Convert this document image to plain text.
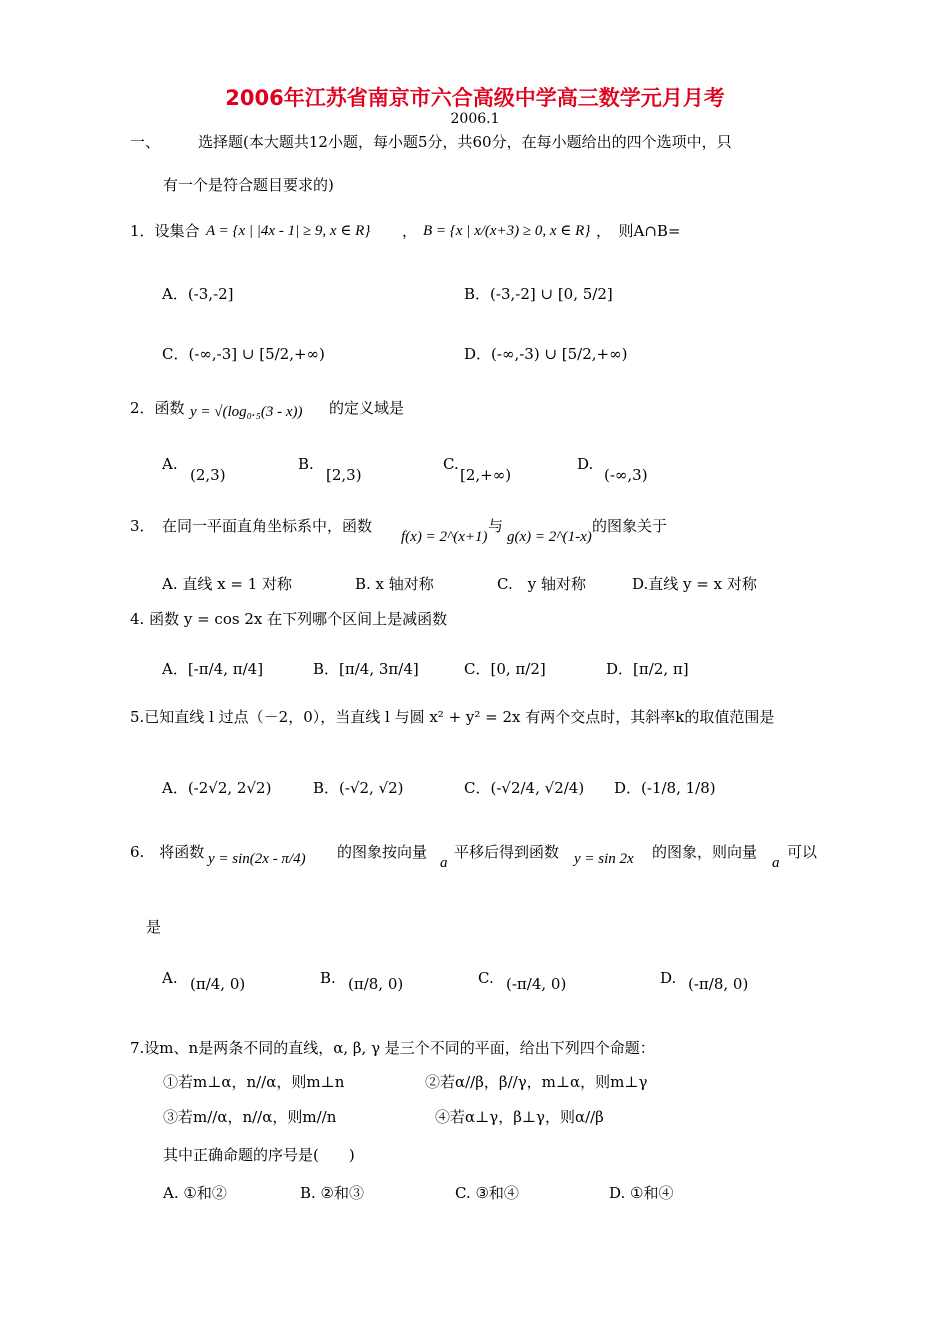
2006年江苏省南京市六合高级中学高三数学元月月考
2006.1
一、	选择题(本大题共12小题，每小题5分，共60分，在每小题给出的四个选项中，只
有一个是符合题目要求的)
1．设集合 A = {x | |4x - 1| ≥ 9, x ∈ R} ， B = {x | x/(x+3) ≥ 0, x ∈ R} ，　则A∩B=
A．(-3,-2]	B．(-3,-2] ∪ [0, 5/2]
C．(-∞,-3] ∪ [5/2,+∞)	D．(-∞,-3) ∪ [5/2,+∞)
2．函数 y = √(log₀.₅(3 - x)) 的定义域是
A.
(2,3)
B.
[2,3)
C.
[2,+∞)
D.
(-∞,3)
3．　在同一平面直角坐标系中，函数
f(x) = 2^(x+1)
与
g(x) = 2^(1-x)
的图象关于
A. 直线 x = 1 对称	B. x 轴对称	C.　y 轴对称	D.直线 y = x 对称
4. 函数 y = cos 2x 在下列哪个区间上是减函数
A．[-π/4, π/4]	B．[π/4, 3π/4]	C．[0, π/2]	D．[π/2, π]
5.已知直线 l 过点（－2，0），当直线 l 与圆 x² + y² = 2x 有两个交点时，其斜率k的取值范围是
A．(-2√2, 2√2)	B．(-√2, √2)	C．(-√2/4, √2/4) D．(-1/8, 1/8)
6.　将函数 y = sin(2x - π/4) 的图象按向量
a
平移后得到函数 y = sin 2x 的图象，则向量
a
可以
是
A. (π/4, 0)	B. (π/8, 0)	C. (-π/4, 0)	D. (-π/8, 0)
7.设m、n是两条不同的直线，α, β, γ 是三个不同的平面，给出下列四个命题：
①若m⊥α，n//α，则m⊥n	②若α//β，β//γ，m⊥α，则m⊥γ
③若m//α，n//α，则m//n	④若α⊥γ，β⊥γ，则α//β
其中正确命题的序号是(　　)
A. ①和②	B. ②和③	C. ③和④	D. ①和④
